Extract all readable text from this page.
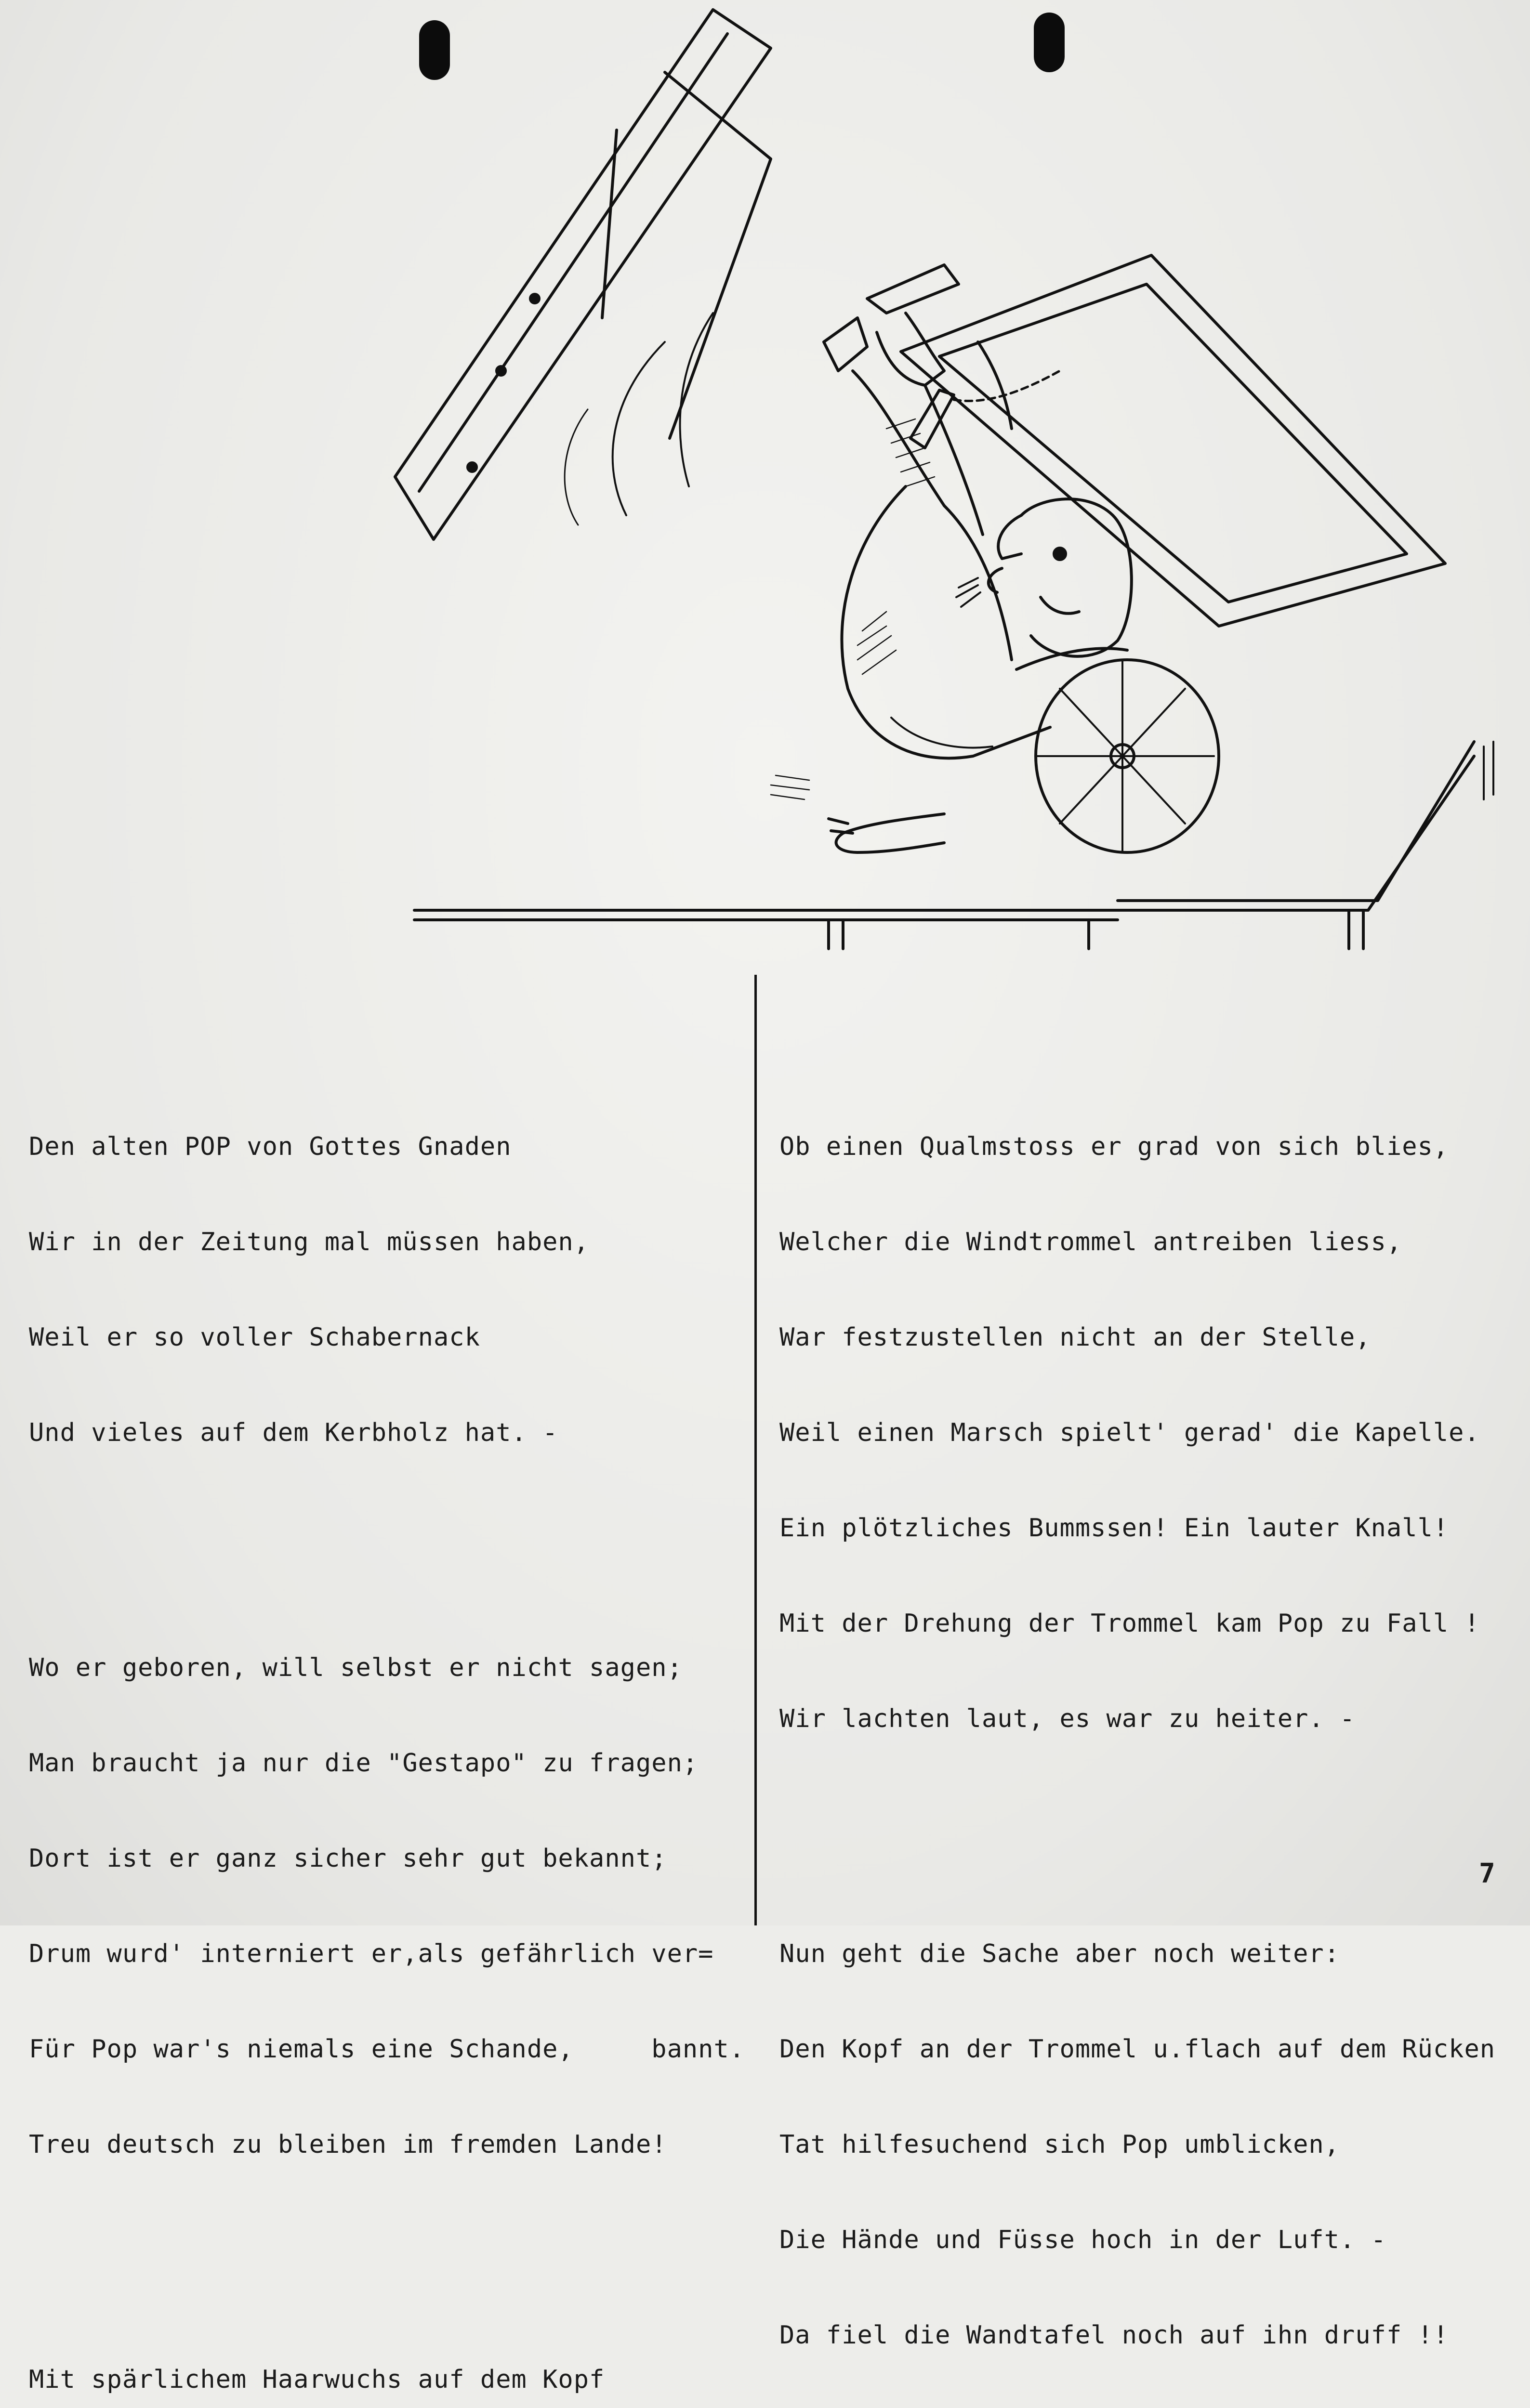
Den alten POP von Gottes Gnaden

Wir in der Zeitung mal müssen haben,

Weil er so voller Schabernack

Und vieles auf dem Kerbholz hat. -

Wo er geboren, will selbst er nicht sagen;

Man braucht ja nur die "Gestapo" zu fragen;

Dort ist er ganz sicher sehr gut bekannt;

Drum wurd' interniert er,als gefährlich ver=

Für Pop war's niemals eine Schande,     bannt.

Treu deutsch zu bleiben im fremden Lande!

Mit spärlichem Haarwuchs auf dem Kopf

Ob einen Qualmstoss er grad von sich blies,

Welcher die Windtrommel antreiben liess,

War festzustellen nicht an der Stelle,

Weil einen Marsch spielt' gerad' die Kapelle.

Ein plötzliches Bummssen! Ein lauter Knall!

Mit der Drehung der Trommel kam Pop zu Fall !

Wir lachten laut, es war zu heiter. -

Nun geht die Sache aber noch weiter:

Den Kopf an der Trommel u.flach auf dem Rücken

Tat hilfesuchend sich Pop umblicken,

Die Hände und Füsse hoch in der Luft. -

Da fiel die Wandtafel noch auf ihn druff !!

7
